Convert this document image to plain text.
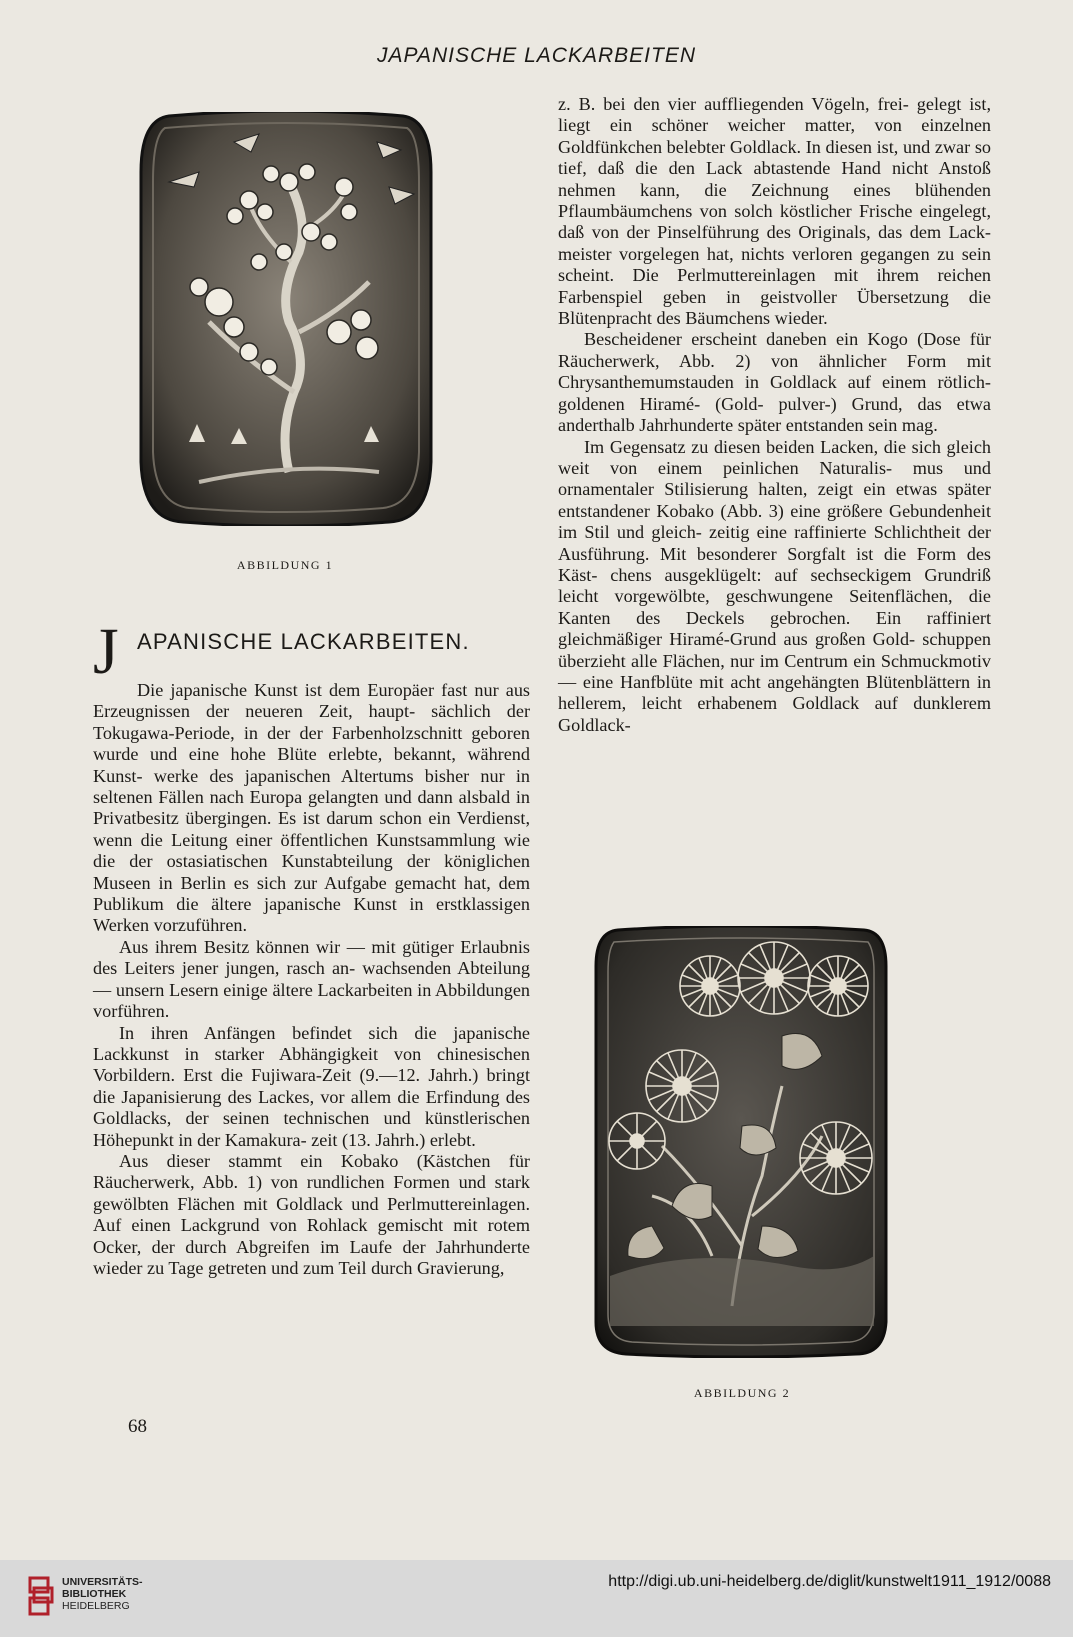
JAPANISCHE LACKARBEITEN
ABBILDUNG 1
J APANISCHE LACKARBEITEN.

Die japanische Kunst ist dem Europäer fast nur aus Erzeugnissen der neueren Zeit, haupt- sächlich der Tokugawa-Periode, in der der Farbenholzschnitt geboren wurde und eine hohe Blüte erlebte, bekannt, während Kunst- werke des japanischen Altertums bisher nur in seltenen Fällen nach Europa gelangten und dann alsbald in Privatbesitz übergingen. Es ist darum schon ein Verdienst, wenn die Leitung einer öffentlichen Kunstsammlung wie die der ostasiatischen Kunstabteilung der königlichen Museen in Berlin es sich zur Aufgabe gemacht hat, dem Publikum die ältere japanische Kunst in erstklassigen Werken vorzuführen.

Aus ihrem Besitz können wir — mit gütiger Erlaubnis des Leiters jener jungen, rasch an- wachsenden Abteilung — unsern Lesern einige ältere Lackarbeiten in Abbildungen vorführen.

In ihren Anfängen befindet sich die japanische Lackkunst in starker Abhängigkeit von chinesischen Vorbildern. Erst die Fujiwara-Zeit (9.—12. Jahrh.) bringt die Japanisierung des Lackes, vor allem die Erfindung des Goldlacks, der seinen technischen und künstlerischen Höhepunkt in der Kamakura- zeit (13. Jahrh.) erlebt.

Aus dieser stammt ein Kobako (Kästchen für Räucherwerk, Abb. 1) von rundlichen Formen und stark gewölbten Flächen mit Goldlack und Perlmuttereinlagen. Auf einen Lackgrund von Rohlack gemischt mit rotem Ocker, der durch Abgreifen im Laufe der Jahrhunderte wieder zu Tage getreten und zum Teil durch Gravierung,

z. B. bei den vier auffliegenden Vögeln, frei- gelegt ist, liegt ein schöner weicher matter, von einzelnen Goldfünkchen belebter Goldlack. In diesen ist, und zwar so tief, daß die den Lack abtastende Hand nicht Anstoß nehmen kann, die Zeichnung eines blühenden Pflaumbäumchens von solch köstlicher Frische eingelegt, daß von der Pinselführung des Originals, das dem Lack- meister vorgelegen hat, nichts verloren gegangen zu sein scheint. Die Perlmuttereinlagen mit ihrem reichen Farbenspiel geben in geistvoller Übersetzung die Blütenpracht des Bäumchens wieder.

Bescheidener erscheint daneben ein Kogo (Dose für Räucherwerk, Abb. 2) von ähnlicher Form mit Chrysanthemumstauden in Goldlack auf einem rötlich-goldenen Hiramé- (Gold- pulver-) Grund, das etwa anderthalb Jahrhunderte später entstanden sein mag.

Im Gegensatz zu diesen beiden Lacken, die sich gleich weit von einem peinlichen Naturalis- mus und ornamentaler Stilisierung halten, zeigt ein etwas später entstandener Kobako (Abb. 3) eine größere Gebundenheit im Stil und gleich- zeitig eine raffinierte Schlichtheit der Ausführung. Mit besonderer Sorgfalt ist die Form des Käst- chens ausgeklügelt: auf sechseckigem Grundriß leicht vorgewölbte, geschwungene Seitenflächen, die Kanten des Deckels gebrochen. Ein raffiniert gleichmäßiger Hiramé-Grund aus großen Gold- schuppen überzieht alle Flächen, nur im Centrum ein Schmuckmotiv — eine Hanfblüte mit acht angehängten Blütenblättern in hellerem, leicht erhabenem Goldlack auf dunklerem Goldlack-

ABBILDUNG 2
68
UNIVERSITÄTS-
BIBLIOTHEK
HEIDELBERG
http://digi.ub.uni-heidelberg.de/diglit/kunstwelt1911_1912/0088
